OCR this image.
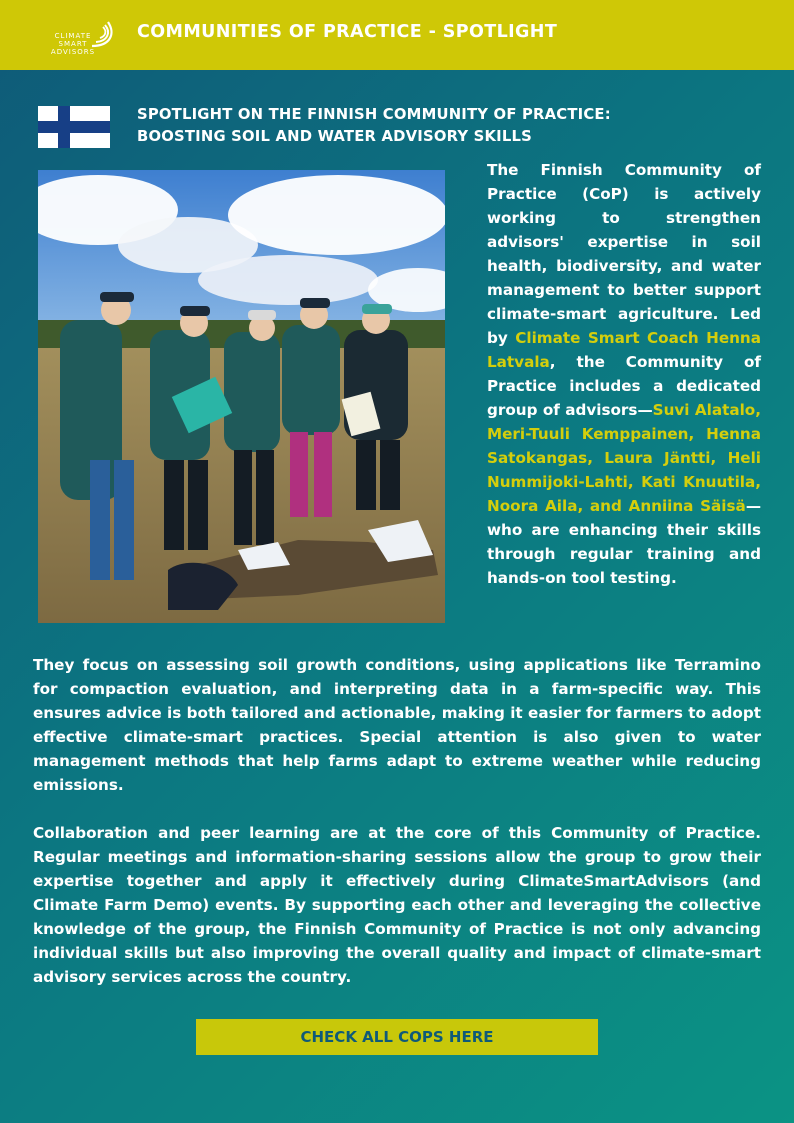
CLIMATE
SMART
ADVISORS
COMMUNITIES OF PRACTICE - SPOTLIGHT
SPOTLIGHT ON THE FINNISH COMMUNITY OF PRACTICE:
BOOSTING SOIL AND WATER ADVISORY SKILLS
The Finnish Community of Practice (CoP) is actively working to strengthen advisors' expertise in soil health, biodiversity, and water management to better support climate-smart agriculture. Led by Climate Smart Coach Henna Latvala, the Community of Practice includes a dedicated group of advisors—Suvi Alatalo, Meri-Tuuli Kemppainen, Henna Satokangas, Laura Jäntti, Heli Nummijoki-Lahti, Kati Knuutila, Noora Aila, and Anniina Säisä—who are enhancing their skills through regular training and hands-on tool testing.
They focus on assessing soil growth conditions, using applications like Terramino for compaction evaluation, and interpreting data in a farm-specific way. This ensures advice is both tailored and actionable, making it easier for farmers to adopt effective climate-smart practices. Special attention is also given to water management methods that help farms adapt to extreme weather while reducing emissions.
Collaboration and peer learning are at the core of this Community of Practice. Regular meetings and information-sharing sessions allow the group to grow their expertise together and apply it effectively during ClimateSmartAdvisors (and Climate Farm Demo) events. By supporting each other and leveraging the collective knowledge of the group, the Finnish Community of Practice is not only advancing individual skills but also improving the overall quality and impact of climate-smart advisory services across the country.
CHECK ALL COPS HERE
